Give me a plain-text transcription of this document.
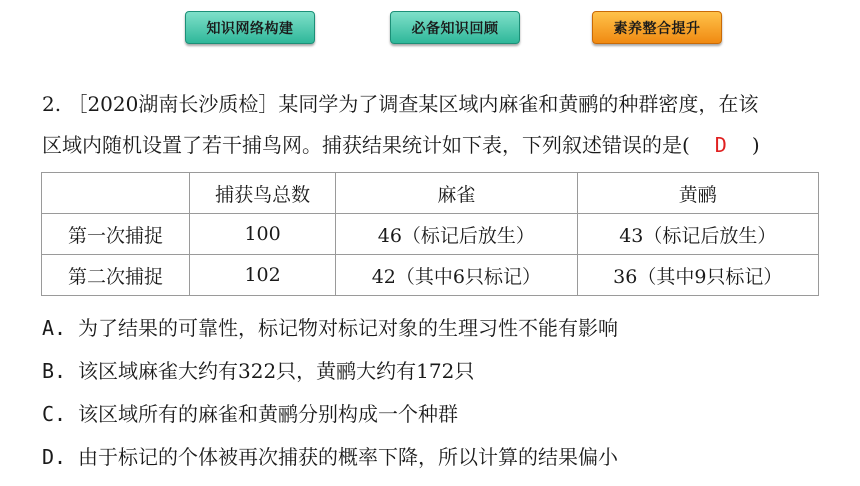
知识网络构建	必备知识回顾	素养整合提升
2. ［2020湖南长沙质检］某同学为了调查某区域内麻雀和黄鹂的种群密度，在该
区域内随机设置了若干捕鸟网。捕获结果统计如下表，下列叙述错误的是( D )
	捕获鸟总数	麻雀	黄鹂
第一次捕捉	100	46（标记后放生）	43（标记后放生）
第二次捕捉	102	42（其中6只标记）	36（其中9只标记）
A. 为了结果的可靠性，标记物对标记对象的生理习性不能有影响
B. 该区域麻雀大约有322只，黄鹂大约有172只
C. 该区域所有的麻雀和黄鹂分别构成一个种群
D. 由于标记的个体被再次捕获的概率下降，所以计算的结果偏小
